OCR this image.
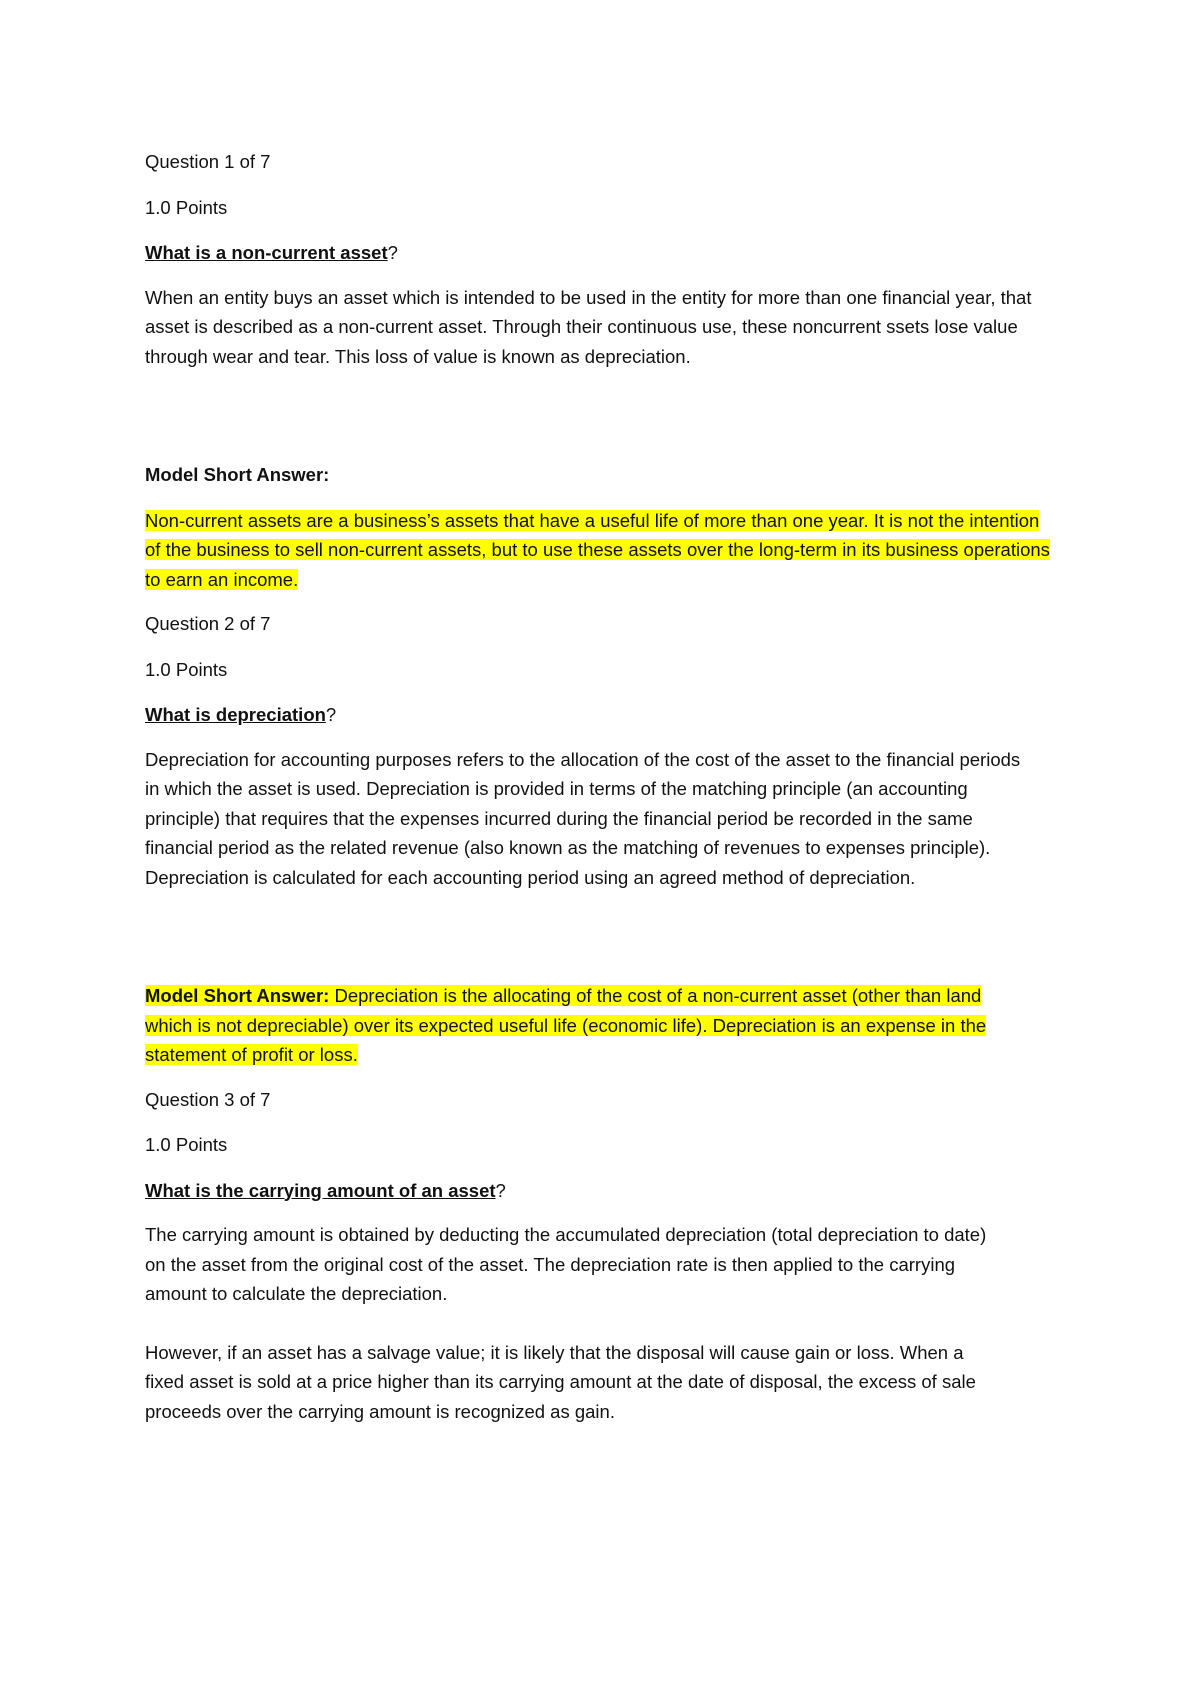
Question 1 of 7

1.0 Points

What is a non-current asset?

When an entity buys an asset which is intended to be used in the entity for more than one financial year, that asset is described as a non-current asset. Through their continuous use, these noncurrent ssets lose value through wear and tear. This loss of value is known as depreciation.

Model Short Answer:

Non-current assets are a business’s assets that have a useful life of more than one year. It is not the intention of the business to sell non-current assets, but to use these assets over the long-term in its business operations to earn an income.

Question 2 of 7

1.0 Points

What is depreciation?

Depreciation for accounting purposes refers to the allocation of the cost of the asset to the financial periods in which the asset is used. Depreciation is provided in terms of the matching principle (an accounting principle) that requires that the expenses incurred during the financial period be recorded in the same financial period as the related revenue (also known as the matching of revenues to expenses principle). Depreciation is calculated for each accounting period using an agreed method of depreciation.

Model Short Answer: Depreciation is the allocating of the cost of a non-current asset (other than land which is not depreciable) over its expected useful life (economic life). Depreciation is an expense in the statement of profit or loss.

Question 3 of 7

1.0 Points

What is the carrying amount of an asset?

The carrying amount is obtained by deducting the accumulated depreciation (total depreciation to date) on the asset from the original cost of the asset. The depreciation rate is then applied to the carrying amount to calculate the depreciation.

However, if an asset has a salvage value; it is likely that the disposal will cause gain or loss. When a fixed asset is sold at a price higher than its carrying amount at the date of disposal, the excess of sale proceeds over the carrying amount is recognized as gain.
